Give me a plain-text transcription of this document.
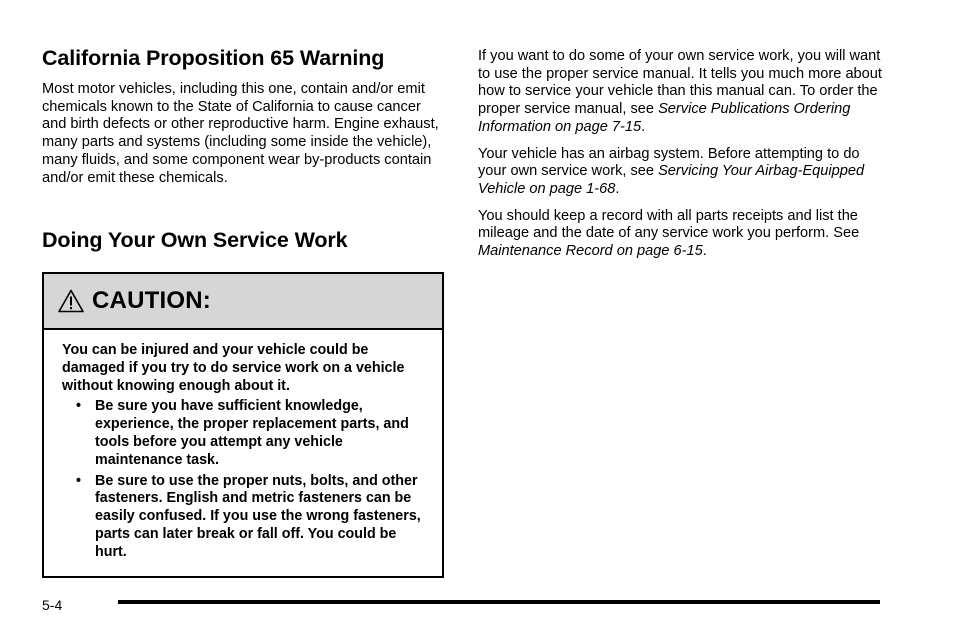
California Proposition 65 Warning

Most motor vehicles, including this one, contain and/or emit chemicals known to the State of California to cause cancer and birth defects or other reproductive harm. Engine exhaust, many parts and systems (including some inside the vehicle), many fluids, and some component wear by-products contain and/or emit these chemicals.

Doing Your Own Service Work
CAUTION:

You can be injured and your vehicle could be damaged if you try to do service work on a vehicle without knowing enough about it.

• Be sure you have sufficient knowledge, experience, the proper replacement parts, and tools before you attempt any vehicle maintenance task.
• Be sure to use the proper nuts, bolts, and other fasteners. English and metric fasteners can be easily confused. If you use the wrong fasteners, parts can later break or fall off. You could be hurt.

If you want to do some of your own service work, you will want to use the proper service manual. It tells you much more about how to service your vehicle than this manual can. To order the proper service manual, see Service Publications Ordering Information on page 7-15.

Your vehicle has an airbag system. Before attempting to do your own service work, see Servicing Your Airbag-Equipped Vehicle on page 1-68.

You should keep a record with all parts receipts and list the mileage and the date of any service work you perform. See Maintenance Record on page 6-15.

5-4
